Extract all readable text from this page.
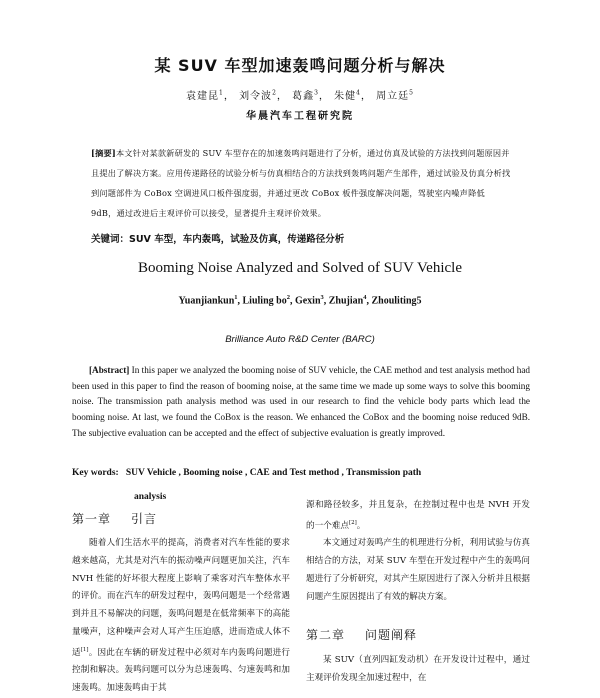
某 SUV 车型加速轰鸣问题分析与解决
袁建昆$^1$， 刘令波$^2$， 葛鑫$^3$， 朱健$^4$， 周立廷$^5$
华晨汽车工程研究院
[摘要]本文针对某款新研发的 SUV 车型存在的加速轰鸣问题进行了分析，通过仿真及试验的方法找到问题原因并且提出了解决方案。应用传递路径的试验分析与仿真相结合的方法找到轰鸣问题产生部件，通过试验及仿真分析找到问题部件为 CoBox 空调进风口板件强度弱，并通过更改 CoBox 板件强度解决问题，驾驶室内噪声降低 9dB，通过改进后主观评价可以接受，显著提升主观评价效果。
关键词：SUV 车型，车内轰鸣，试验及仿真，传递路径分析
Booming Noise Analyzed and Solved of SUV Vehicle
Yuanjiankun$^1$, Liuling $bo^2$, Gexin$^3$, Zhujian$^4$, Zhouliting5
Brilliance Auto R&D Center (BARC)
[Abstract] In this paper we analyzed the booming noise of SUV vehicle, the CAE method and test analysis method had been used in this paper to find the reason of booming noise, at the same time we made up some ways to solve this booming noise. The transmission path analysis method was used in our research to find the vehicle body parts which lead the booming noise. At last, we found the CoBox is the reason. We enhanced the CoBox and the booming noise reduced 9dB. The subjective evaluation can be accepted and the effect of subjective evaluation is greatly improved.
Key words: SUV Vehicle , Booming noise , CAE and Test method , Transmission path
analysis
第一章 引言

随着人们生活水平的提高，消费者对汽车性能的要求越来越高，尤其是对汽车的振动噪声问题更加关注，汽车 NVH 性能的好坏很大程度上影响了乘客对汽车整体水平的评价。而在汽车的研发过程中，轰鸣问题是一个经常遇到并且不易解决的问题，轰鸣问题是在低常频率下的高能量噪声，这种噪声会对人耳产生压迫感，进而造成人体不适[1]。因此在车辆的研发过程中必须对车内轰鸣问题进行控制和解决。轰鸣问题可以分为总速轰鸣、匀速轰鸣和加速轰鸣。加速轰鸣由于其

源和路径较多，并且复杂，在控制过程中也是 NVH 开发的一个难点[2]。

本文通过对轰鸣产生的机理进行分析，利用试验与仿真相结合的方法，对某 SUV 车型在开发过程中产生的轰鸣问题进行了分析研究，对其产生原因进行了深入分析并且根据问题产生原因提出了有效的解决方案。

第二章 问题阐释

某 SUV（直列四缸发动机）在开发设计过程中，通过主观评价发现全加速过程中，在
